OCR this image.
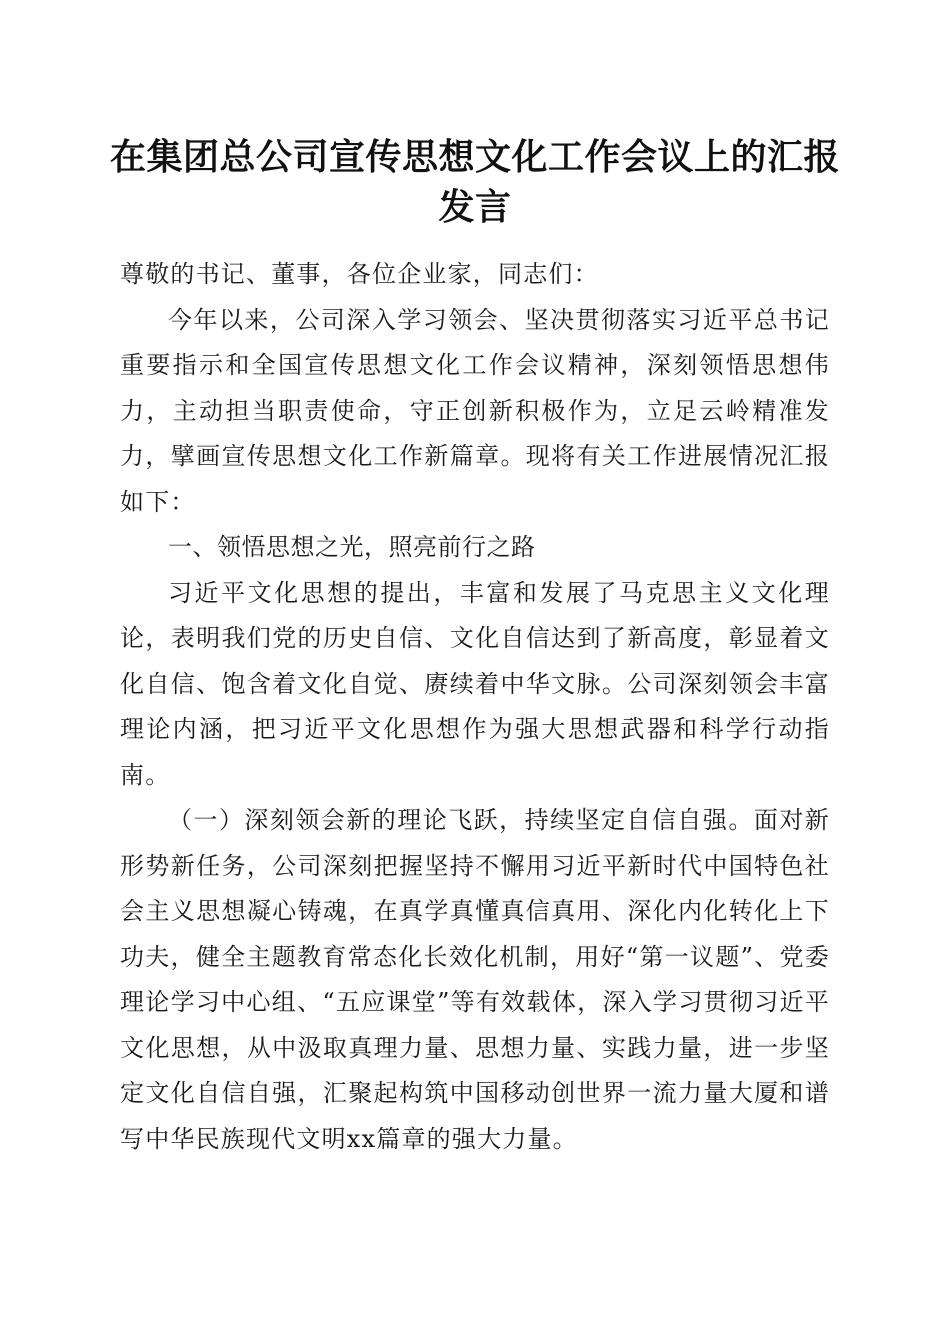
在集团总公司宣传思想文化工作会议上的汇报发言

尊敬的书记、董事，各位企业家，同志们：

今年以来，公司深入学习领会、坚决贯彻落实习近平总书记重要指示和全国宣传思想文化工作会议精神，深刻领悟思想伟力，主动担当职责使命，守正创新积极作为，立足云岭精准发力，擘画宣传思想文化工作新篇章。现将有关工作进展情况汇报如下：

一、领悟思想之光，照亮前行之路

习近平文化思想的提出，丰富和发展了马克思主义文化理论，表明我们党的历史自信、文化自信达到了新高度，彰显着文化自信、饱含着文化自觉、赓续着中华文脉。公司深刻领会丰富理论内涵，把习近平文化思想作为强大思想武器和科学行动指南。

（一）深刻领会新的理论飞跃，持续坚定自信自强。面对新形势新任务，公司深刻把握坚持不懈用习近平新时代中国特色社会主义思想凝心铸魂，在真学真懂真信真用、深化内化转化上下功夫，健全主题教育常态化长效化机制，用好“第一议题”、党委理论学习中心组、“五应课堂”等有效载体，深入学习贯彻习近平文化思想，从中汲取真理力量、思想力量、实践力量，进一步坚定文化自信自强，汇聚起构筑中国移动创世界一流力量大厦和谱写中华民族现代文明xx篇章的强大力量。
